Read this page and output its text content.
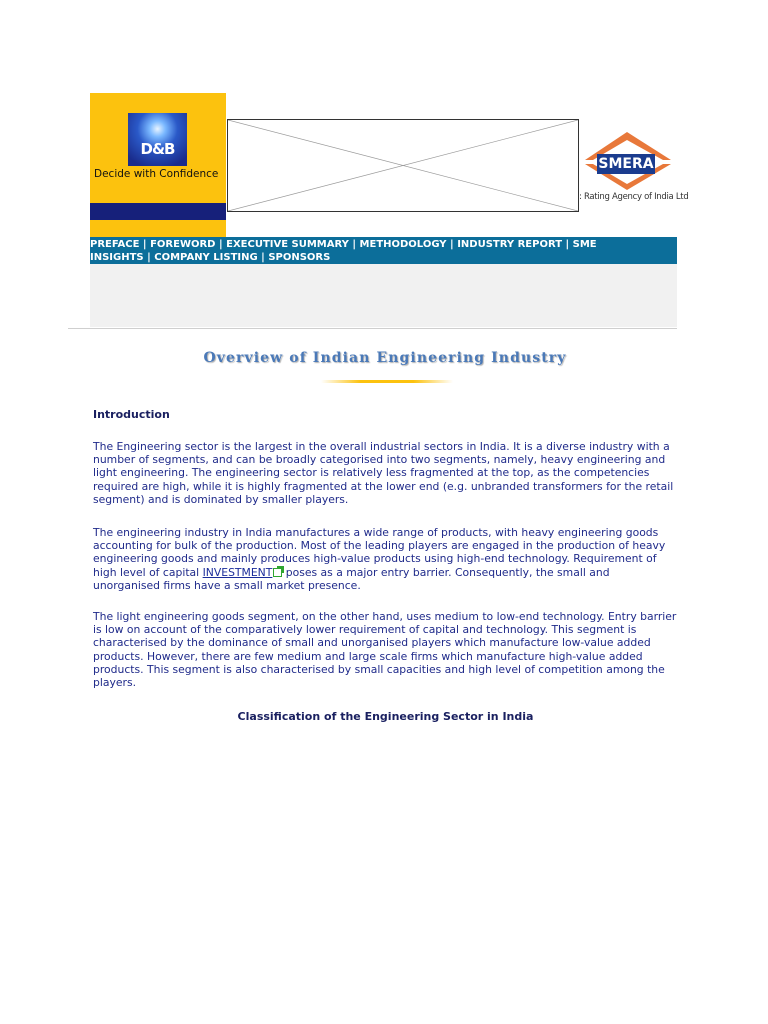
D&B
Decide with Confidence
SMERA
: Rating Agency of India Ltd
PREFACE | FOREWORD | EXECUTIVE SUMMARY | METHODOLOGY | INDUSTRY REPORT | SME
INSIGHTS | COMPANY LISTING | SPONSORS
Overview of Indian Engineering Industry
Introduction
The Engineering sector is the largest in the overall industrial sectors in India. It is a diverse industry with a number of segments, and can be broadly categorised into two segments, namely, heavy engineering and light engineering. The engineering sector is relatively less fragmented at the top, as the competencies required are high, while it is highly fragmented at the lower end (e.g. unbranded transformers for the retail segment) and is dominated by smaller players.
The engineering industry in India manufactures a wide range of products, with heavy engineering goods accounting for bulk of the production. Most of the leading players are engaged in the production of heavy engineering goods and mainly produces high-value products using high-end technology. Requirement of high level of capital INVESTMENT poses as a major entry barrier. Consequently, the small and unorganised firms have a small market presence.
The light engineering goods segment, on the other hand, uses medium to low-end technology. Entry barrier is low on account of the comparatively lower requirement of capital and technology. This segment is characterised by the dominance of small and unorganised players which manufacture low-value added products. However, there are few medium and large scale firms which manufacture high-value added products. This segment is also characterised by small capacities and high level of competition among the players.
Classification of the Engineering Sector in India
